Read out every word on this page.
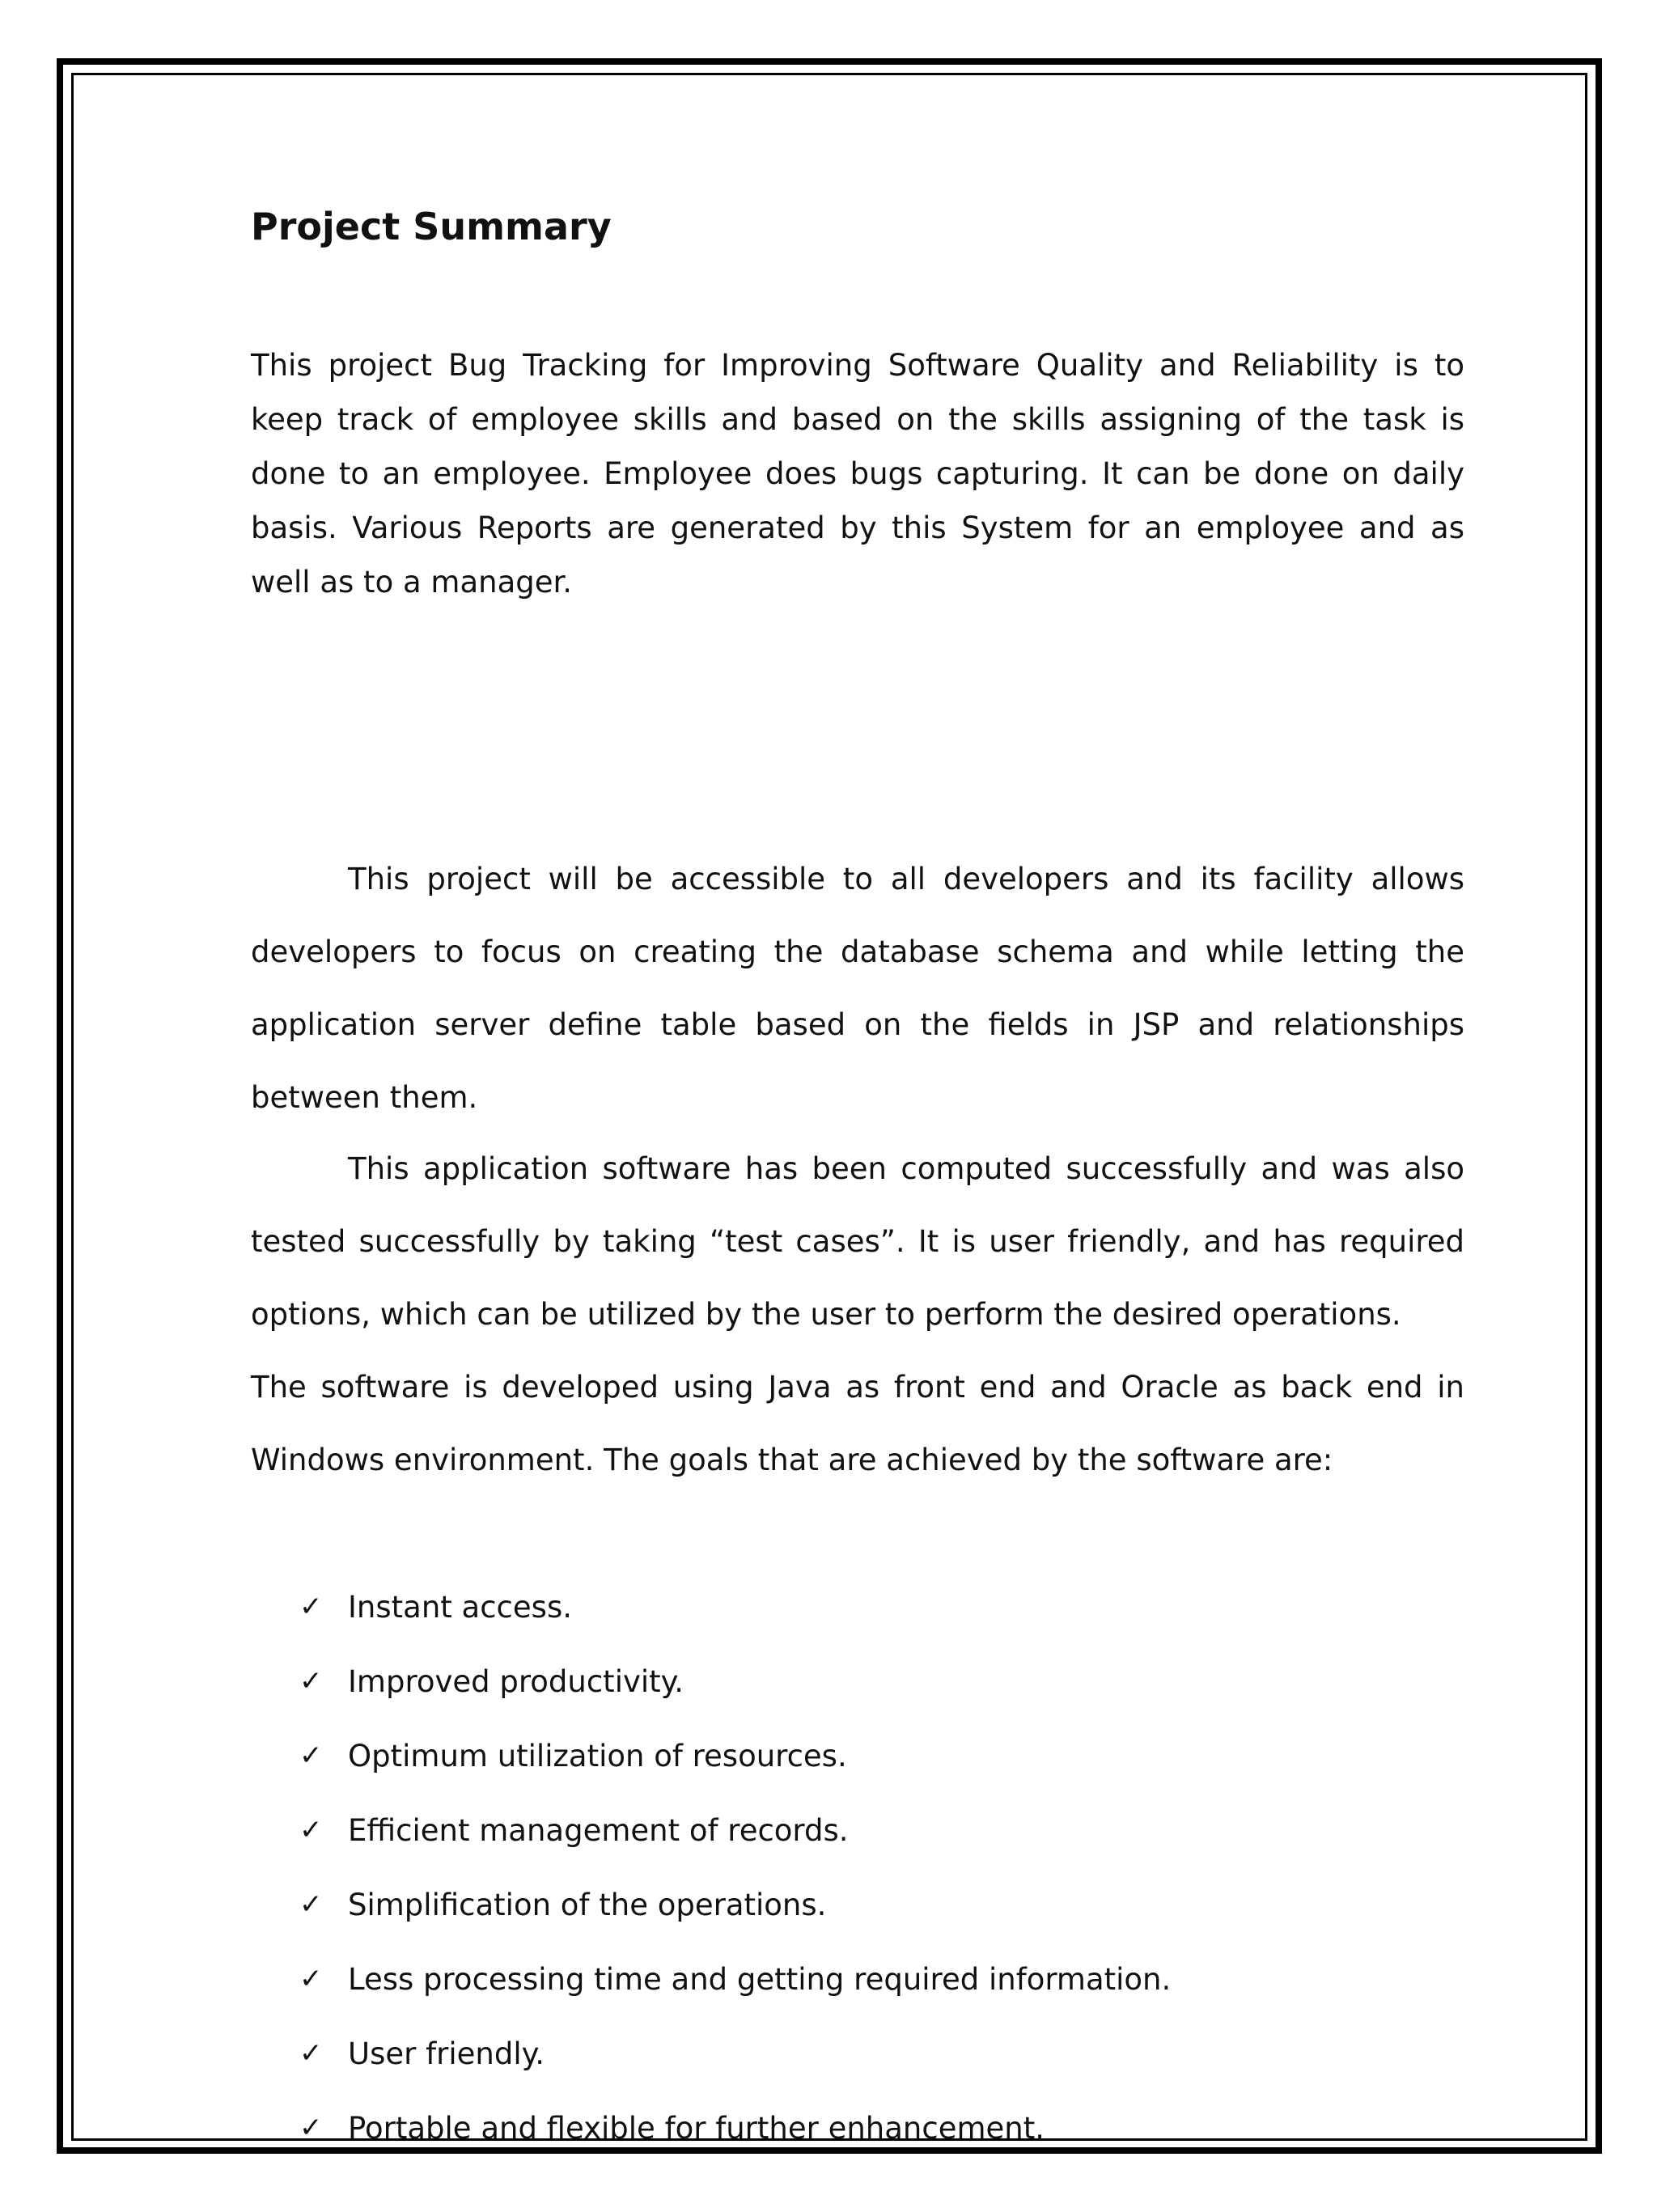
Project Summary

This project Bug Tracking for Improving Software Quality and Reliability is to keep track of employee skills and based on the skills assigning of the task is done to an employee. Employee does bugs capturing. It can be done on daily basis. Various Reports are generated by this System for an employee and as well as to a manager.

This project will be accessible to all developers and its facility allows developers to focus on creating the database schema and while letting the application server define table based on the fields in JSP and relationships between them.

This application software has been computed successfully and was also tested successfully by taking “test cases”. It is user friendly, and has required options, which can be utilized by the user to perform the desired operations.

The software is developed using Java as front end and Oracle as back end in Windows environment. The goals that are achieved by the software are:

✓ Instant access.
✓ Improved productivity.
✓ Optimum utilization of resources.
✓ Efficient management of records.
✓ Simplification of the operations.
✓ Less processing time and getting required information.
✓ User friendly.
✓ Portable and flexible for further enhancement.
